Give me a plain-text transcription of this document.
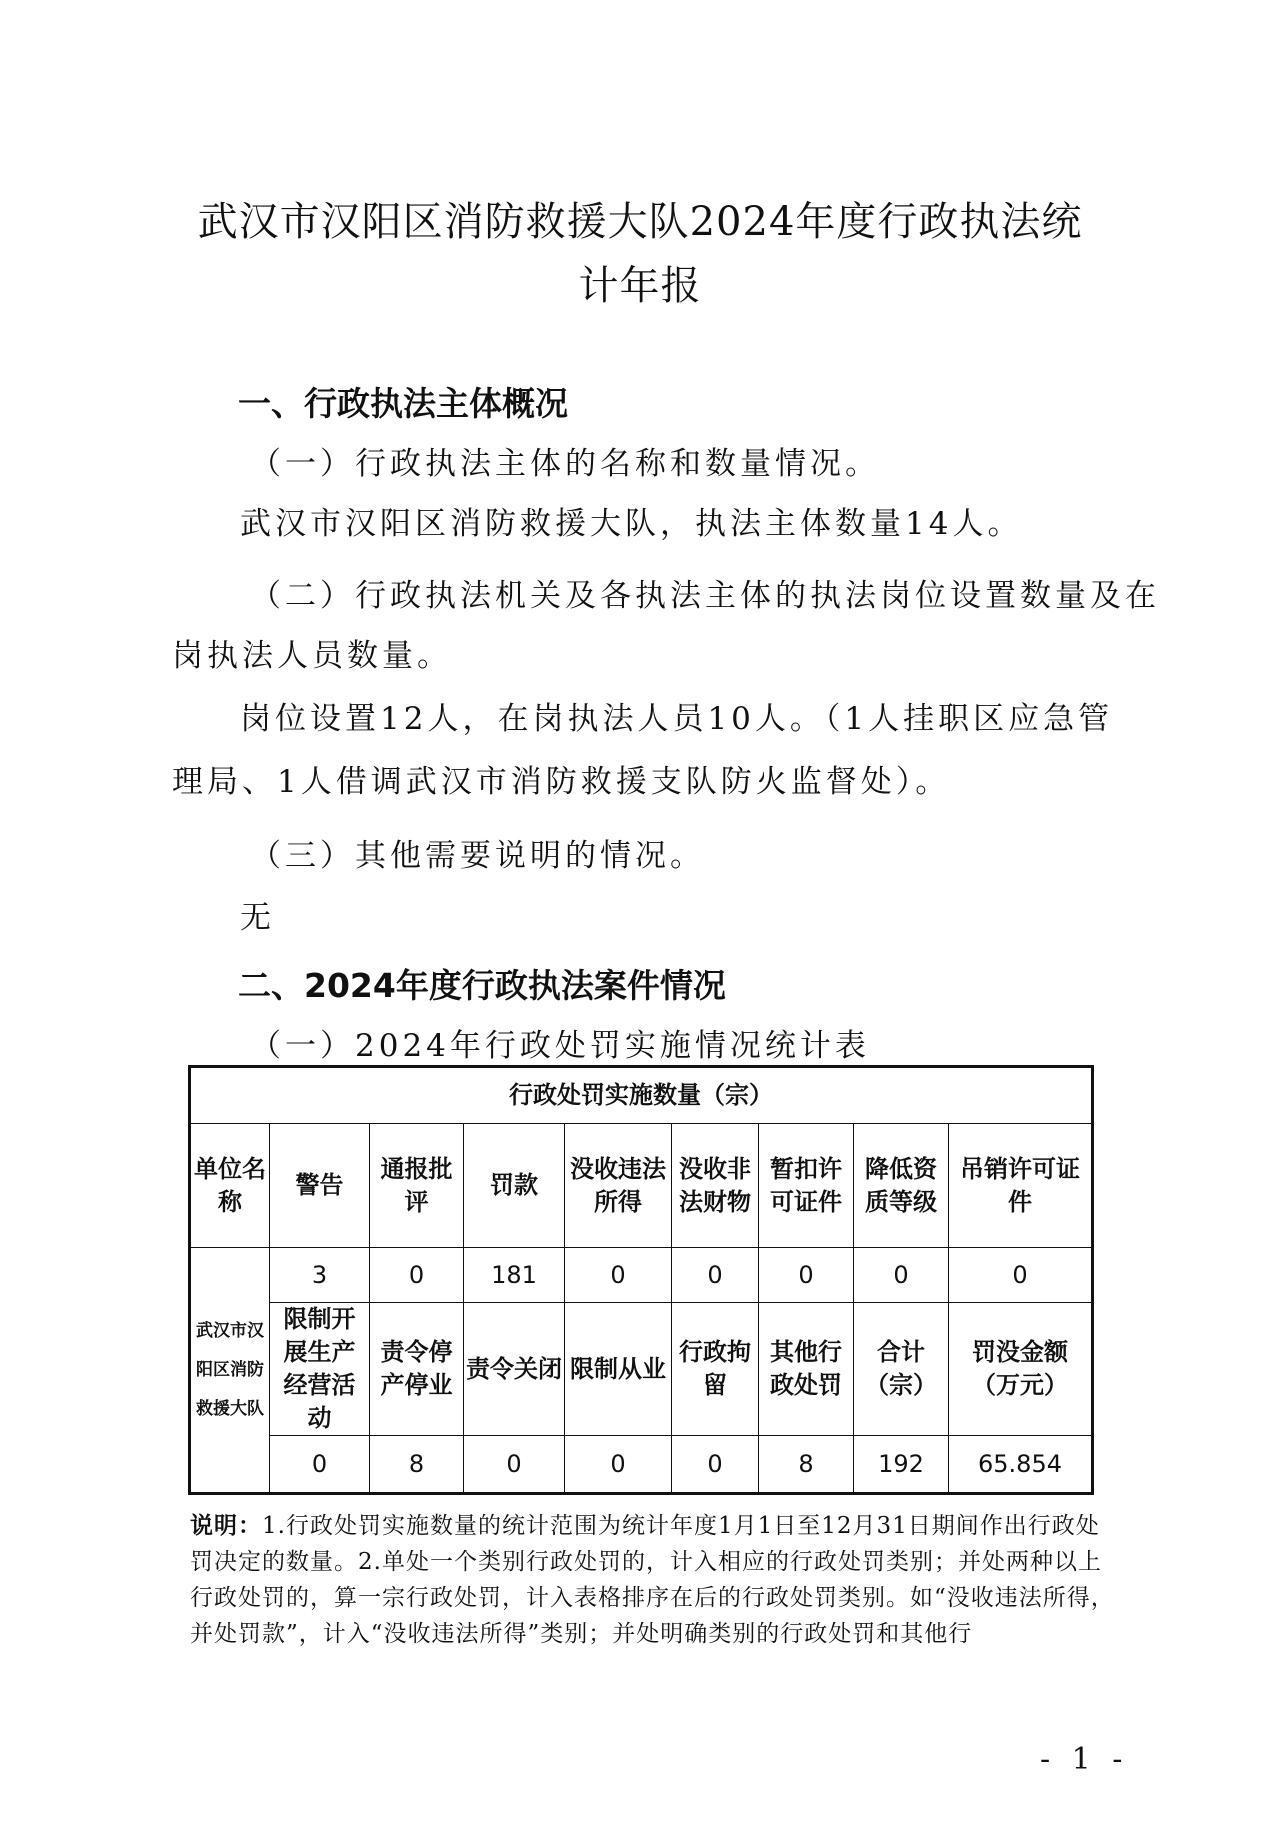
武汉市汉阳区消防救援大队2024年度行政执法统
计年报
一、行政执法主体概况
（一）行政执法主体的名称和数量情况。
武汉市汉阳区消防救援大队，执法主体数量14人。
（二）行政执法机关及各执法主体的执法岗位设置数量及在
岗执法人员数量。
岗位设置12人，在岗执法人员10人。（1人挂职区应急管
理局、1人借调武汉市消防救援支队防火监督处）。
（三）其他需要说明的情况。
无
二、2024年度行政执法案件情况
（一）2024年行政处罚实施情况统计表
行政处罚实施数量（宗）								
单位名称	警告	通报批评	罚款	没收违法所得	没收非法财物	暂扣许可证件	降低资质等级	吊销许可证件
武汉市汉阳区消防救援大队	3	0	181	0	0	0	0	0
	限制开展生产经营活动	责令停产停业	责令关闭	限制从业	行政拘留	其他行政处罚	合计（宗）	罚没金额（万元）
	0	8	0	0	0	8	192	65.854
说明：1.行政处罚实施数量的统计范围为统计年度1月1日至12月31日期间作出行政处罚决定的数量。2.单处一个类别行政处罚的，计入相应的行政处罚类别；并处两种以上行政处罚的，算一宗行政处罚，计入表格排序在后的行政处罚类别。如“没收违法所得，并处罚款”，计入“没收违法所得”类别；并处明确类别的行政处罚和其他行
- 1 -
